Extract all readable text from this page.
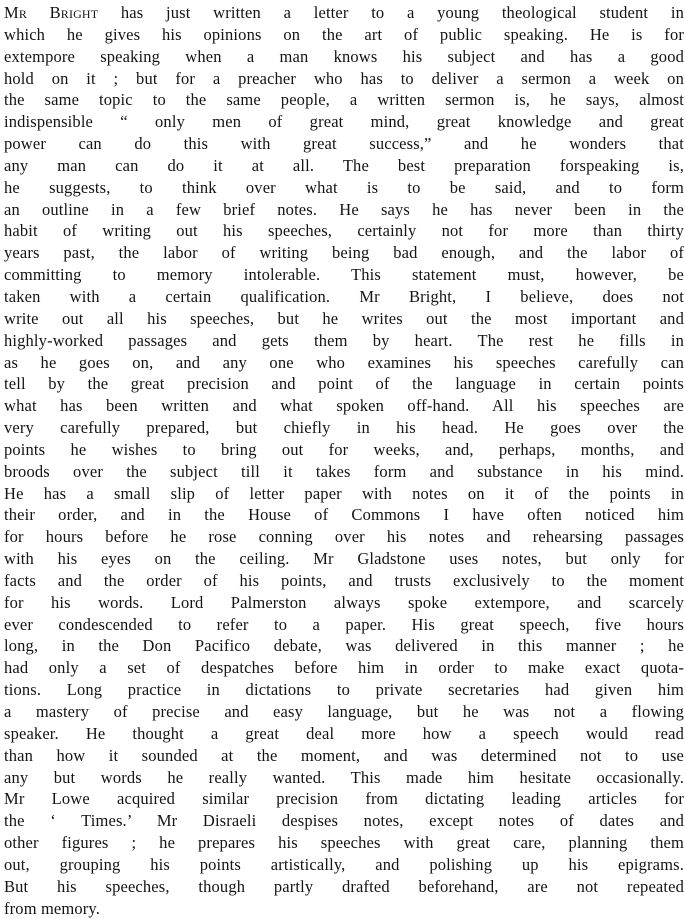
Mr Bright has just written a letter to a young theological student in
which he gives his opinions on the art of public speaking. He is for
extempore speaking when a man knows his subject and has a good
hold on it ; but for a preacher who has to deliver a sermon a week on
the same topic to the same people, a written sermon is, he says, almost
indispensible “ only men of great mind, great knowledge and great
power can do this with great success,” and he wonders that
any man can do it at all. The best preparation forspeaking is,
he suggests, to think over what is to be said, and to form
an outline in a few brief notes. He says he has never been in the
habit of writing out his speeches, certainly not for more than thirty
years past, the labor of writing being bad enough, and the labor of
committing to memory intolerable. This statement must, however, be
taken with a certain qualification. Mr Bright, I believe, does not
write out all his speeches, but he writes out the most important and
highly-worked passages and gets them by heart. The rest he fills in
as he goes on, and any one who examines his speeches carefully can
tell by the great precision and point of the language in certain points
what has been written and what spoken off-hand. All his speeches are
very carefully prepared, but chiefly in his head. He goes over the
points he wishes to bring out for weeks, and, perhaps, months, and
broods over the subject till it takes form and substance in his mind.
He has a small slip of letter paper with notes on it of the points in
their order, and in the House of Commons I have often noticed him
for hours before he rose conning over his notes and rehearsing passages
with his eyes on the ceiling. Mr Gladstone uses notes, but only for
facts and the order of his points, and trusts exclusively to the moment
for his words. Lord Palmerston always spoke extempore, and scarcely
ever condescended to refer to a paper. His great speech, five hours
long, in the Don Pacifico debate, was delivered in this manner ; he
had only a set of despatches before him in order to make exact quota-
tions. Long practice in dictations to private secretaries had given him
a mastery of precise and easy language, but he was not a flowing
speaker. He thought a great deal more how a speech would read
than how it sounded at the moment, and was determined not to use
any but words he really wanted. This made him hesitate occasionally.
Mr Lowe acquired similar precision from dictating leading articles for
the ‘ Times.’ Mr Disraeli despises notes, except notes of dates and
other figures ; he prepares his speeches with great care, planning them
out, grouping his points artistically, and polishing up his epigrams.
But his speeches, though partly drafted beforehand, are not repeated
from memory.
